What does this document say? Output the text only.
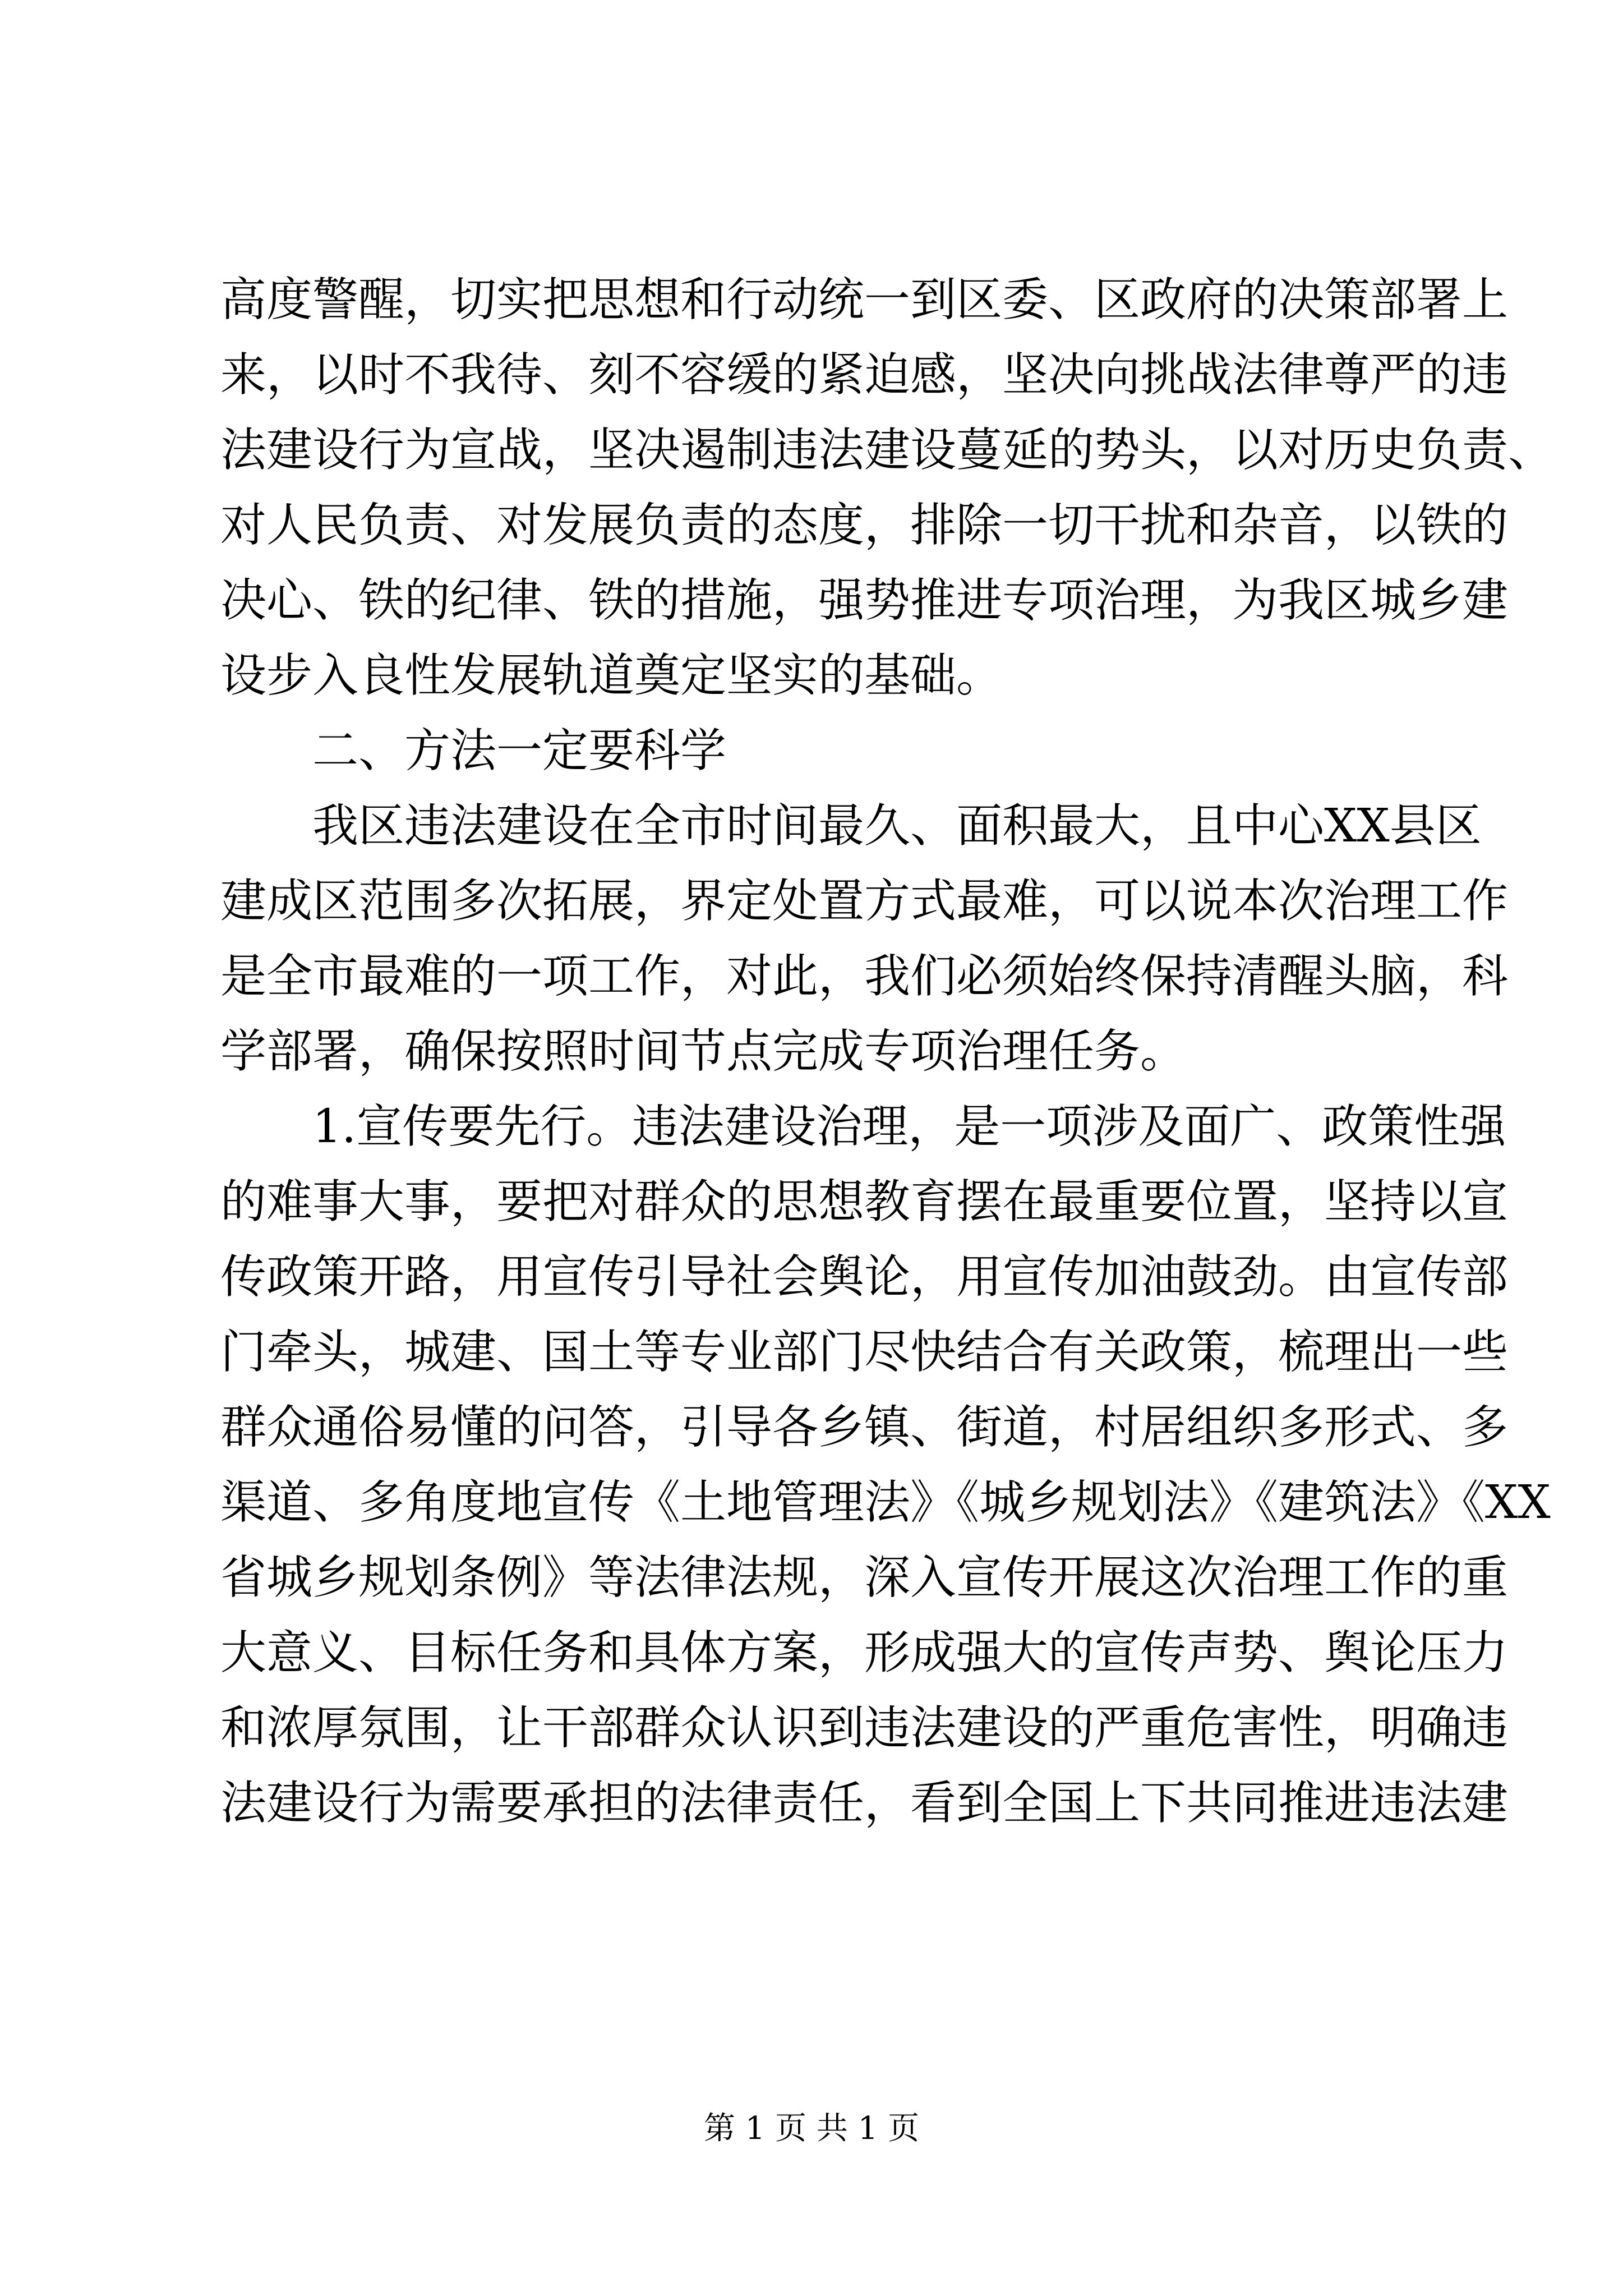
高度警醒，切实把思想和行动统一到区委、区政府的决策部署上
来，以时不我待、刻不容缓的紧迫感，坚决向挑战法律尊严的违
法建设行为宣战，坚决遏制违法建设蔓延的势头，以对历史负责、
对人民负责、对发展负责的态度，排除一切干扰和杂音，以铁的
决心、铁的纪律、铁的措施，强势推进专项治理，为我区城乡建
设步入良性发展轨道奠定坚实的基础。
二、方法一定要科学
我区违法建设在全市时间最久、面积最大，且中心XX县区
建成区范围多次拓展，界定处置方式最难，可以说本次治理工作
是全市最难的一项工作，对此，我们必须始终保持清醒头脑，科
学部署，确保按照时间节点完成专项治理任务。
1.宣传要先行。违法建设治理，是一项涉及面广、政策性强
的难事大事，要把对群众的思想教育摆在最重要位置，坚持以宣
传政策开路，用宣传引导社会舆论，用宣传加油鼓劲。由宣传部
门牵头，城建、国土等专业部门尽快结合有关政策，梳理出一些
群众通俗易懂的问答，引导各乡镇、街道，村居组织多形式、多
渠道、多角度地宣传《土地管理法》《城乡规划法》《建筑法》《XX
省城乡规划条例》等法律法规，深入宣传开展这次治理工作的重
大意义、目标任务和具体方案，形成强大的宣传声势、舆论压力
和浓厚氛围，让干部群众认识到违法建设的严重危害性，明确违
法建设行为需要承担的法律责任，看到全国上下共同推进违法建
第 1 页 共 1 页
